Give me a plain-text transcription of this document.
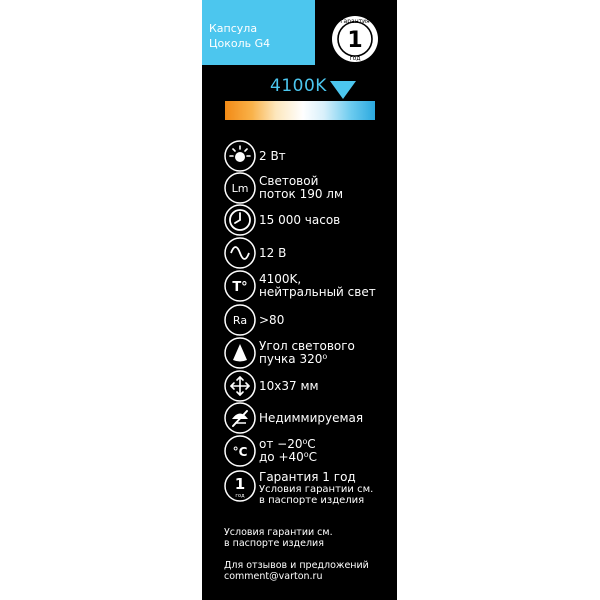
Капсула
Цоколь G4
гарантия
1
год
4100K
2 Вт
Lm
Световой
поток 190 лм
15 000 часов
12 В
T°
4100K,
нейтральный свет
Ra >80
Угол светового
пучка 320⁰
10x37 мм
Недиммируемая
°C
от −20⁰С
до +40⁰С
1
год
Гарантия 1 год
Условия гарантии см.
в паспорте изделия
Условия гарантии см.
в паспорте изделия
Для отзывов и предложений
comment@varton.ru
